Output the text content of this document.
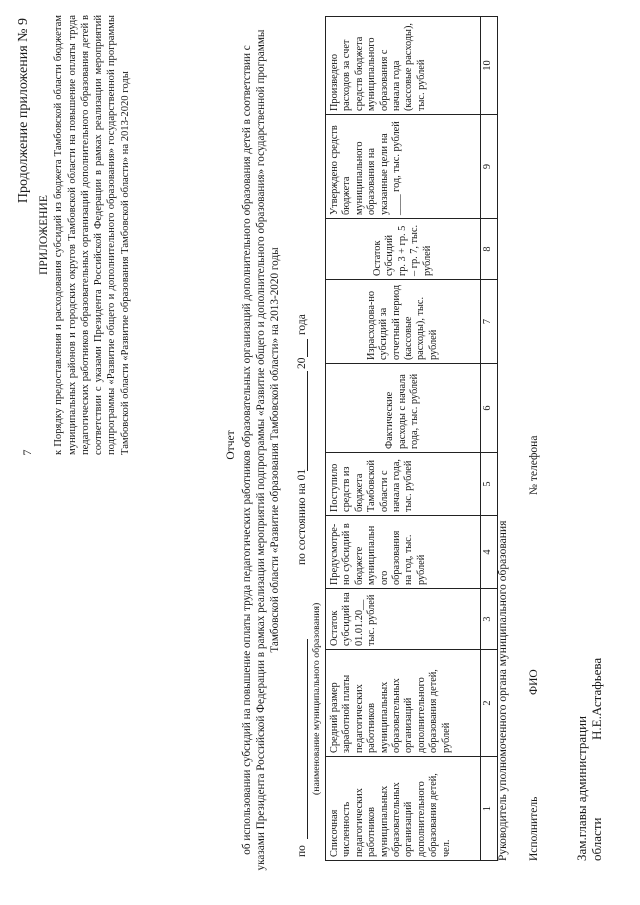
7
Продолжение приложения № 9
ПРИЛОЖЕНИЕ к Порядку предоставления и расходования субсидий из бюджета Тамбовской области бюджетам муниципальных районов и городских округов Тамбовской области на повышение оплаты труда педагогических работников образовательных организаций дополнительного образования детей в соответствии с указами Президента Российской Федерации в рамках реализации мероприятий подпрограммы «Развитие общего и дополнительного образования» государственной программы Тамбовской области «Развитие образования Тамбовской области» на 2013-2020 годы	Отчет об использовании субсидий на повышение оплаты труда педагогических работников образовательных организаций дополнительного образования детей в соответствии с указами Президента Российской Федерации в рамках реализации мероприятий подпрограммы «Развитие общего и дополнительного образования» государственной программы Тамбовской области «Развитие образования Тамбовской области» на 2013-2020 годы
по
(наименование муниципального образования)
по состоянию на 01
20
года
Списочная численность педагогических работников муниципальных образовательных организаций дополнительного образования детей, чел.	Средний размер заработной платы педагогических работников муниципальных образовательных организаций дополнительного образования детей, рублей	Остаток субсидий на 01.01.20__ тыс. рублей	Предусмотре-но субсидий в бюджете муниципальн ого образования на год, тыс. рублей	Поступило средств из бюджета Тамбовской области с начала года, тыс. рублей	Фактические расходы с начала года, тыс. рублей	Израсходова-но субсидий за отчетный период (кассовые расходы), тыс. рублей	Остаток субсидий гр. 3 + гр. 5 – гр. 7, тыс. рублей	Утверждено средств бюджета муниципального образования на указанные цели на ____ год, тыс. рублей	Произведено расходов за счет средств бюджета муниципального образования с начала года (кассовые расходы), тыс. рублей
1	2	3	4	5	6	7	8	9	10
Руководитель уполномоченного органа муниципального образования Исполнитель
ФИО
№ телефона
Зам.главы администрации области
Н.Е.Астафьева
